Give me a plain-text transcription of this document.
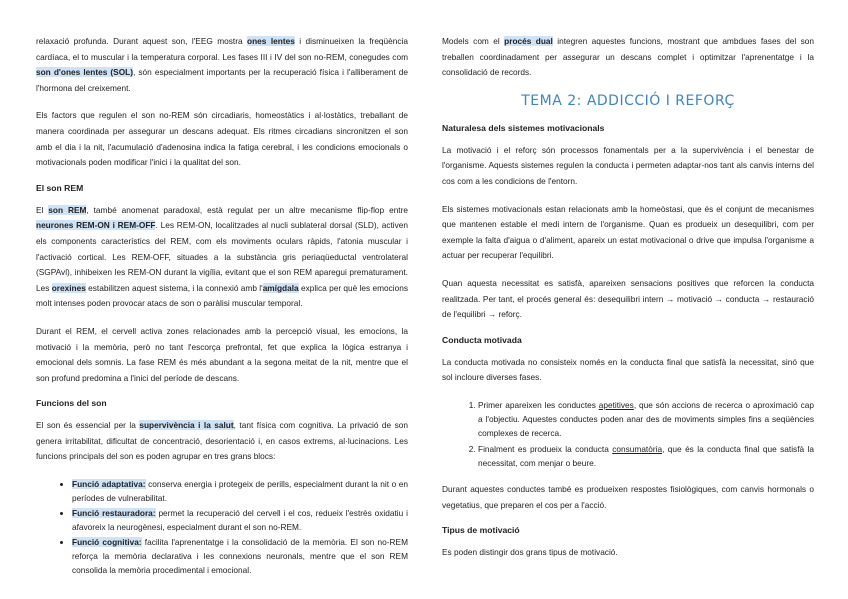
relaxació profunda. Durant aquest son, l'EEG mostra ones lentes i disminueixen la freqüència cardíaca, el to muscular i la temperatura corporal. Les fases III i IV del son no-REM, conegudes com son d'ones lentes (SOL), són especialment importants per la recuperació física i l'alliberament de l'hormona del creixement.

Els factors que regulen el son no-REM són circadiaris, homeostàtics i al·lostàtics, treballant de manera coordinada per assegurar un descans adequat. Els ritmes circadians sincronitzen el son amb el dia i la nit, l'acumulació d'adenosina indica la fatiga cerebral, i les condicions emocionals o motivacionals poden modificar l'inici i la qualitat del son.

El son REM

El son REM, també anomenat paradoxal, està regulat per un altre mecanisme flip-flop entre neurones REM-ON i REM-OFF. Les REM-ON, localitzades al nucli sublateral dorsal (SLD), activen els components característics del REM, com els moviments oculars ràpids, l'atonia muscular i l'activació cortical. Les REM-OFF, situades a la substància gris periaqüeductal ventrolateral (SGPAvl), inhibeixen les REM-ON durant la vigília, evitant que el son REM aparegui prematurament. Les orexines estabilitzen aquest sistema, i la connexió amb l'amígdala explica per què les emocions molt intenses poden provocar atacs de son o paràlisi muscular temporal.

Durant el REM, el cervell activa zones relacionades amb la percepció visual, les emocions, la motivació i la memòria, però no tant l'escorça prefrontal, fet que explica la lògica estranya i emocional dels somnis. La fase REM és més abundant a la segona meitat de la nit, mentre que el son profund predomina a l'inici del període de descans.

Funcions del son

El son és essencial per la supervivència i la salut, tant física com cognitiva. La privació de son genera irritabilitat, dificultat de concentració, desorientació i, en casos extrems, al·lucinacions. Les funcions principals del son es poden agrupar en tres grans blocs:

• Funció adaptativa: conserva energia i protegeix de perills, especialment durant la nit o en períodes de vulnerabilitat.
• Funció restauradora: permet la recuperació del cervell i el cos, redueix l'estrès oxidatiu i afavoreix la neurogènesi, especialment durant el son no-REM.
• Funció cognitiva: facilita l'aprenentatge i la consolidació de la memòria. El son no-REM reforça la memòria declarativa i les connexions neuronals, mentre que el son REM consolida la memòria procedimental i emocional.

Models com el procés dual integren aquestes funcions, mostrant que ambdues fases del son treballen coordinadament per assegurar un descans complet i optimitzar l'aprenentatge i la consolidació de records.

TEMA 2: ADDICCIÓ I REFORÇ
Naturalesa dels sistemes motivacionals

La motivació i el reforç són processos fonamentals per a la supervivència i el benestar de l'organisme. Aquests sistemes regulen la conducta i permeten adaptar-nos tant als canvis interns del cos com a les condicions de l'entorn.

Els sistemes motivacionals estan relacionats amb la homeòstasi, que és el conjunt de mecanismes que mantenen estable el medi intern de l'organisme. Quan es produeix un desequilibri, com per exemple la falta d'aigua o d'aliment, apareix un estat motivacional o drive que impulsa l'organisme a actuar per recuperar l'equilibri.

Quan aquesta necessitat es satisfà, apareixen sensacions positives que reforcen la conducta realitzada. Per tant, el procés general és: desequilibri intern → motivació → conducta → restauració de l'equilibri → reforç.

Conducta motivada

La conducta motivada no consisteix només en la conducta final que satisfà la necessitat, sinó que sol incloure diverses fases.

1. Primer apareixen les conductes apetitives, que són accions de recerca o aproximació cap a l'objectiu. Aquestes conductes poden anar des de moviments simples fins a seqüències complexes de recerca.
2. Finalment es produeix la conducta consumatòria, que és la conducta final que satisfà la necessitat, com menjar o beure.

Durant aquestes conductes també es produeixen respostes fisiològiques, com canvis hormonals o vegetatius, que preparen el cos per a l'acció.

Tipus de motivació

Es poden distingir dos grans tipus de motivació.
